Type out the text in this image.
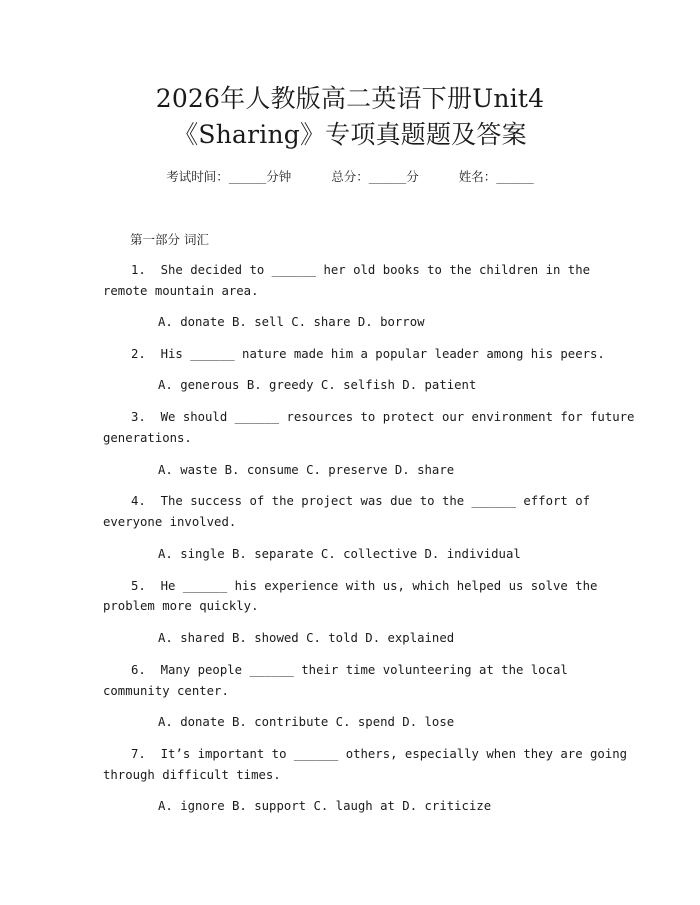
2026年人教版高二英语下册Unit4
《Sharing》专项真题题及答案
考试时间：______分钟	总分：______分	姓名：______
第一部分 词汇
1.  She decided to ______ her old books to the children in the
remote mountain area.
A. donate B. sell C. share D. borrow
2.  His ______ nature made him a popular leader among his peers.
A. generous B. greedy C. selfish D. patient
3.  We should ______ resources to protect our environment for future
generations.
A. waste B. consume C. preserve D. share
4.  The success of the project was due to the ______ effort of
everyone involved.
A. single B. separate C. collective D. individual
5.  He ______ his experience with us, which helped us solve the
problem more quickly.
A. shared B. showed C. told D. explained
6.  Many people ______ their time volunteering at the local
community center.
A. donate B. contribute C. spend D. lose
7.  It’s important to ______ others, especially when they are going
through difficult times.
A. ignore B. support C. laugh at D. criticize
